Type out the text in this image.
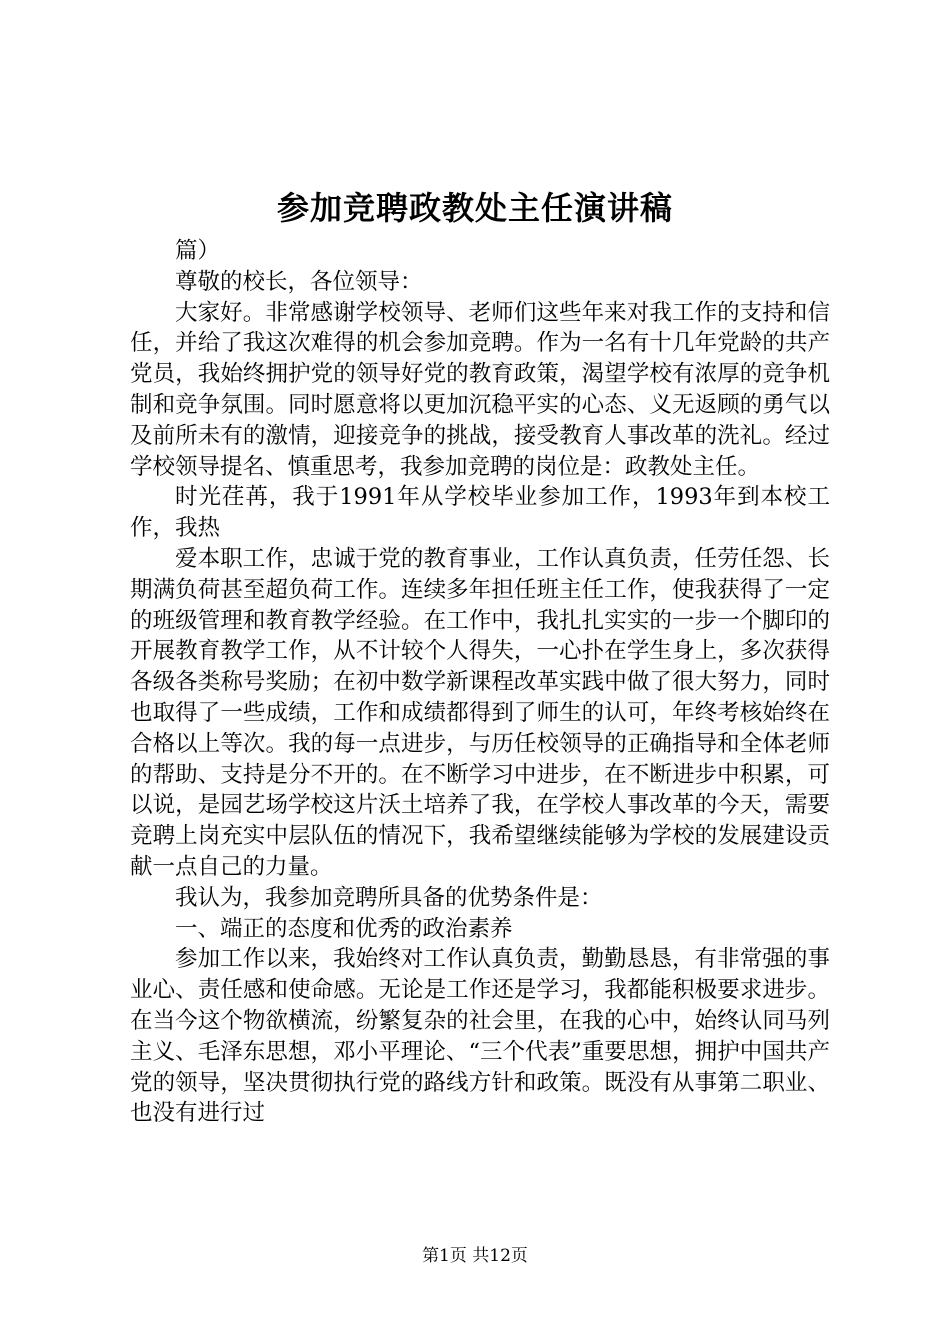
参加竞聘政教处主任演讲稿

篇）

尊敬的校长，各位领导：

大家好。非常感谢学校领导、老师们这些年来对我工作的支持和信任，并给了我这次难得的机会参加竞聘。作为一名有十几年党龄的共产党员，我始终拥护党的领导好党的教育政策，渴望学校有浓厚的竞争机制和竞争氛围。同时愿意将以更加沉稳平实的心态、义无返顾的勇气以及前所未有的激情，迎接竞争的挑战，接受教育人事改革的洗礼。经过学校领导提名、慎重思考，我参加竞聘的岗位是：政教处主任。

时光荏苒，我于1991年从学校毕业参加工作，1993年到本校工作，我热

爱本职工作，忠诚于党的教育事业，工作认真负责，任劳任怨、长期满负荷甚至超负荷工作。连续多年担任班主任工作，使我获得了一定的班级管理和教育教学经验。在工作中，我扎扎实实的一步一个脚印的开展教育教学工作，从不计较个人得失，一心扑在学生身上，多次获得各级各类称号奖励；在初中数学新课程改革实践中做了很大努力，同时也取得了一些成绩，工作和成绩都得到了师生的认可，年终考核始终在合格以上等次。我的每一点进步，与历任校领导的正确指导和全体老师的帮助、支持是分不开的。在不断学习中进步，在不断进步中积累，可以说，是园艺场学校这片沃土培养了我，在学校人事改革的今天，需要竞聘上岗充实中层队伍的情况下，我希望继续能够为学校的发展建设贡献一点自己的力量。

我认为，我参加竞聘所具备的优势条件是：

一、端正的态度和优秀的政治素养

参加工作以来，我始终对工作认真负责，勤勤恳恳，有非常强的事业心、责任感和使命感。无论是工作还是学习，我都能积极要求进步。在当今这个物欲横流，纷繁复杂的社会里，在我的心中，始终认同马列主义、毛泽东思想，邓小平理论、“三个代表”重要思想，拥护中国共产党的领导，坚决贯彻执行党的路线方针和政策。既没有从事第二职业、也没有进行过

第1页 共12页
